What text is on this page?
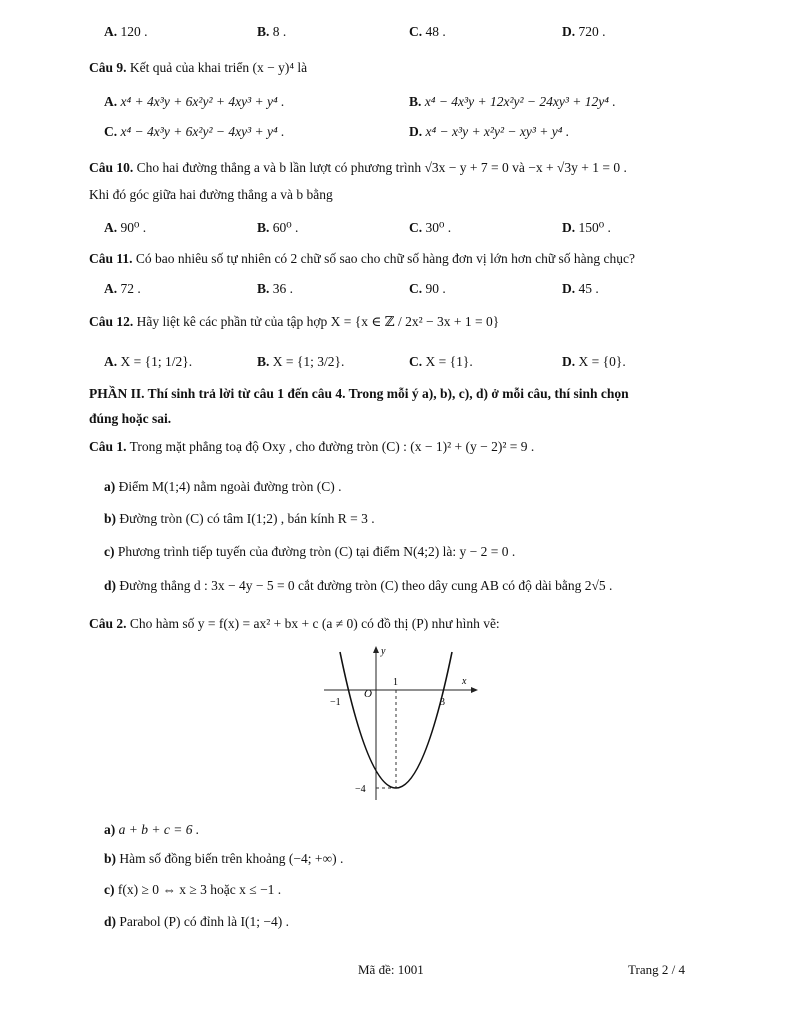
A. 120 .	B. 8 .	C. 48 .	D. 720 .
Câu 9. Kết quả của khai triển (x − y)⁴ là
A. x⁴ + 4x³y + 6x²y² + 4xy³ + y⁴ .	B. x⁴ − 4x³y + 12x²y² − 24xy³ + 12y⁴ .
C. x⁴ − 4x³y + 6x²y² − 4xy³ + y⁴ .	D. x⁴ − x³y + x²y² − xy³ + y⁴ .
Câu 10. Cho hai đường thẳng a và b lần lượt có phương trình √3x − y + 7 = 0 và −x + √3y + 1 = 0 .
Khi đó góc giữa hai đường thẳng a và b bằng
A. 90⁰ .	B. 60⁰ .	C. 30⁰ .	D. 150⁰ .
Câu 11. Có bao nhiêu số tự nhiên có 2 chữ số sao cho chữ số hàng đơn vị lớn hơn chữ số hàng chục?
A. 72 .	B. 36 .	C. 90 .	D. 45 .
Câu 12. Hãy liệt kê các phần tử của tập hợp X = {x ∈ ℤ / 2x² − 3x + 1 = 0}
A. X = {1; 1/2}.	B. X = {1; 3/2}.	C. X = {1}.	D. X = {0}.
PHẦN II. Thí sinh trả lời từ câu 1 đến câu 4. Trong mỗi ý a), b), c), d) ở mỗi câu, thí sinh chọn
đúng hoặc sai.
Câu 1. Trong mặt phẳng toạ độ Oxy , cho đường tròn (C) : (x − 1)² + (y − 2)² = 9 .
a) Điểm M(1;4) nằm ngoài đường tròn (C) .
b) Đường tròn (C) có tâm I(1;2) , bán kính R = 3 .
c) Phương trình tiếp tuyến của đường tròn (C) tại điểm N(4;2) là: y − 2 = 0 .
d) Đường thẳng d : 3x − 4y − 5 = 0 cắt đường tròn (C) theo dây cung AB có độ dài bằng 2√5 .
Câu 2. Cho hàm số y = f(x) = ax² + bx + c (a ≠ 0) có đồ thị (P) như hình vẽ:
y
x
O
−1
1
3
−4
a) a + b + c = 6 .
b) Hàm số đồng biến trên khoảng (−4; +∞) .
c) f(x) ≥ 0 ⇔ x ≥ 3 hoặc x ≤ −1 .
d) Parabol (P) có đỉnh là I(1; −4) .
Mã đề: 1001	Trang 2 / 4
